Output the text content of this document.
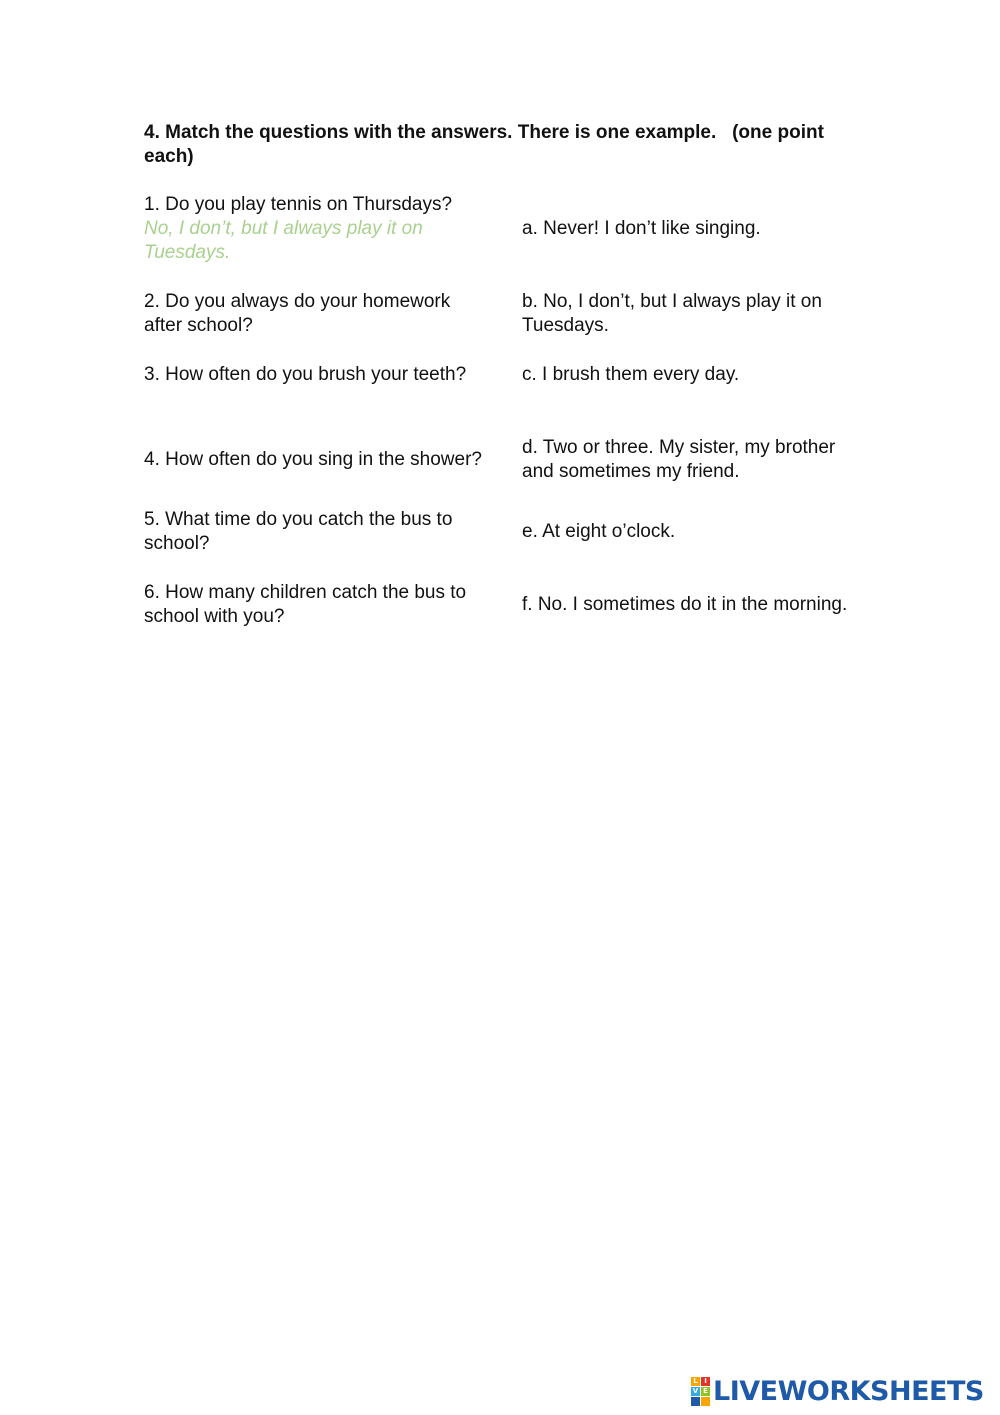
4. Match the questions with the answers. There is one example.   (one point each)
1. Do you play tennis on Thursdays?
No, I don’t, but I always play it on Tuesdays.
a. Never! I don’t like singing.
2. Do you always do your homework after school?
b. No, I don’t, but I always play it on Tuesdays.
3. How often do you brush your teeth?	c. I brush them every day.
4. How often do you sing in the shower?
d. Two or three. My sister, my brother and sometimes my friend.
5. What time do you catch the bus to school?
e. At eight o’clock.
6. How many children catch the bus to school with you?
f. No. I sometimes do it in the morning.
L I
V E LIVEWORKSHEETS
